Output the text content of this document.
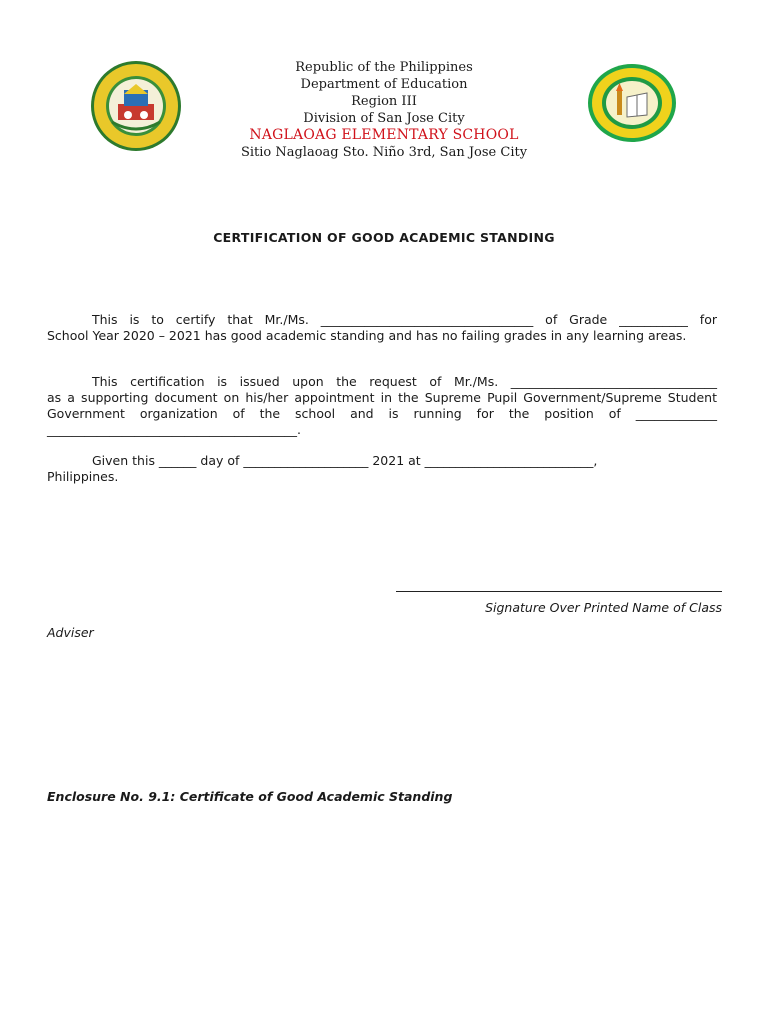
Republic of the Philippines
Department of Education
Region III
Division of San Jose City
NAGLAOAG ELEMENTARY SCHOOL
Sitio Naglaoag Sto. Niño 3rd, San Jose City
CERTIFICATION OF GOOD ACADEMIC STANDING
This is to certify that Mr./Ms. __________________________________ of Grade ___________ for
School Year 2020 – 2021 has good academic standing and has no failing grades in any learning areas.
This certification is issued upon the request of Mr./Ms. _________________________________
as a supporting document on his/her appointment in the Supreme Pupil Government/Supreme Student Government organization of the school and is running for the position of _____________ ________________________________________.
Given this ______ day of ____________________ 2021 at ___________________________,
Philippines.
Signature Over Printed Name of Class
Adviser
Enclosure No. 9.1: Certificate of Good Academic Standing
